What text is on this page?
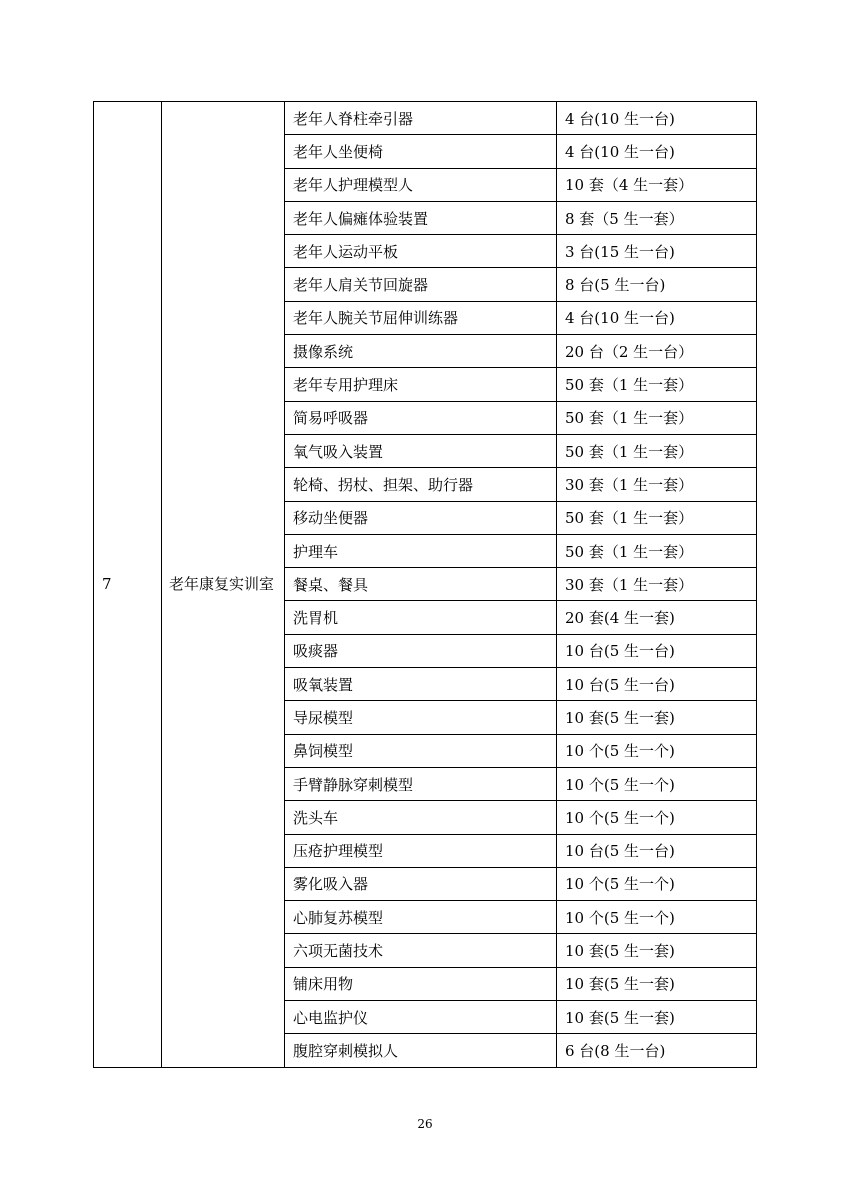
7	老年康复实训室	老年人脊柱牵引器	4 台(10 生一台)
		老年人坐便椅	4 台(10 生一台)
		老年人护理模型人	10 套（4 生一套）
		老年人偏瘫体验装置	8 套（5 生一套）
		老年人运动平板	3 台(15 生一台)
		老年人肩关节回旋器	8 台(5 生一台)
		老年人腕关节屈伸训练器	4 台(10 生一台)
		摄像系统	20 台（2 生一台）
		老年专用护理床	50 套（1 生一套）
		简易呼吸器	50 套（1 生一套）
		氧气吸入装置	50 套（1 生一套）
		轮椅、拐杖、担架、助行器	30 套（1 生一套）
		移动坐便器	50 套（1 生一套）
		护理车	50 套（1 生一套）
		餐桌、餐具	30 套（1 生一套）
		洗胃机	20 套(4 生一套)
		吸痰器	10 台(5 生一台)
		吸氧装置	10 台(5 生一台)
		导尿模型	10 套(5 生一套)
		鼻饲模型	10 个(5 生一个)
		手臂静脉穿刺模型	10 个(5 生一个)
		洗头车	10 个(5 生一个)
		压疮护理模型	10 台(5 生一台)
		雾化吸入器	10 个(5 生一个)
		心肺复苏模型	10 个(5 生一个)
		六项无菌技术	10 套(5 生一套)
		铺床用物	10 套(5 生一套)
		心电监护仪	10 套(5 生一套)
		腹腔穿刺模拟人	6 台(8 生一台)
26
